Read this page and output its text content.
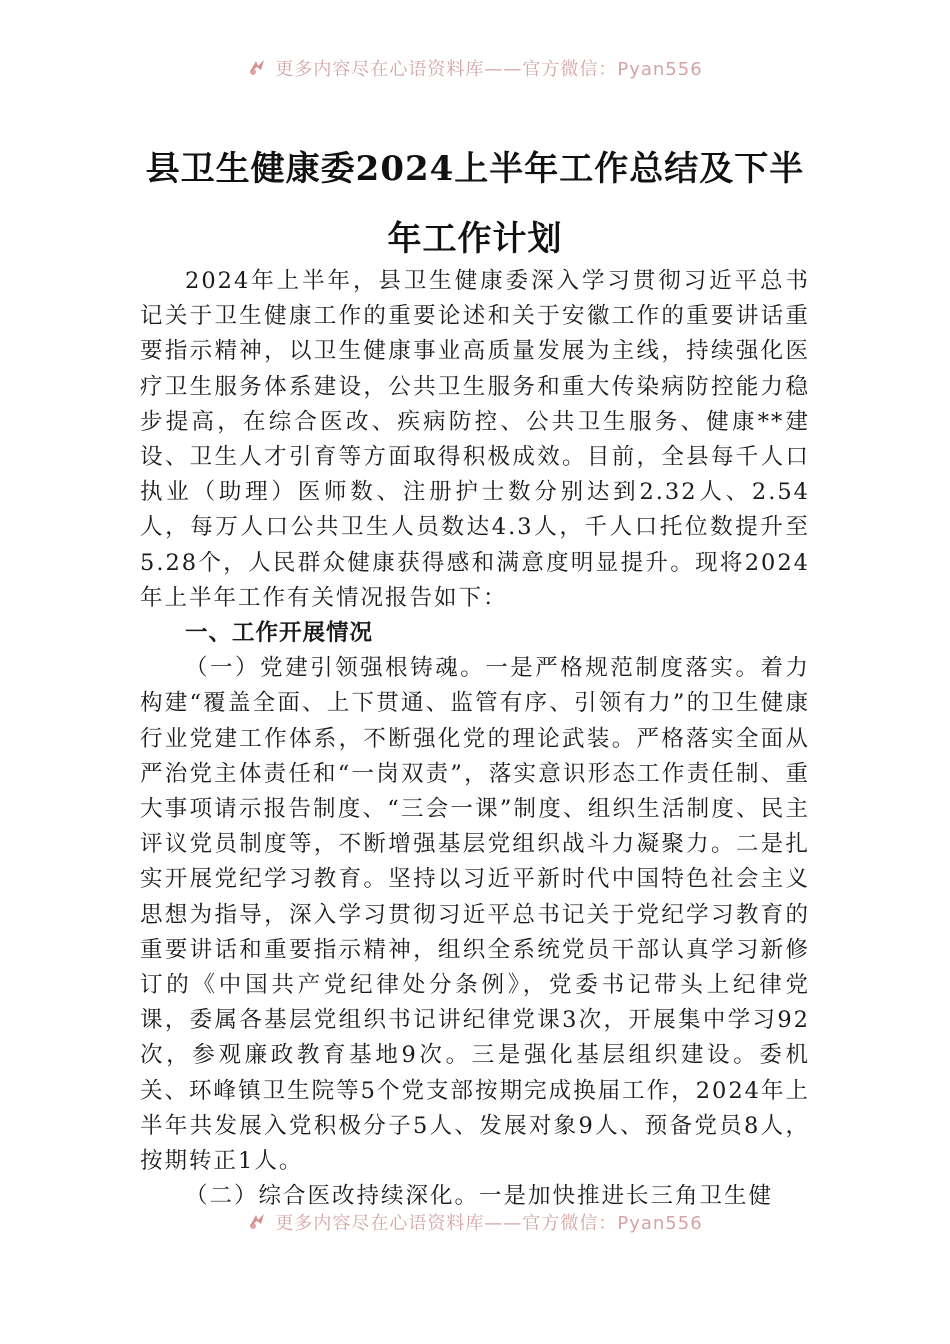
更多内容尽在心语资料库——官方微信：Pyan556
县卫生健康委2024上半年工作总结及下半年工作计划

2024年上半年，县卫生健康委深入学习贯彻习近平总书记关于卫生健康工作的重要论述和关于安徽工作的重要讲话重要指示精神，以卫生健康事业高质量发展为主线，持续强化医疗卫生服务体系建设，公共卫生服务和重大传染病防控能力稳步提高，在综合医改、疾病防控、公共卫生服务、健康**建设、卫生人才引育等方面取得积极成效。目前，全县每千人口执业（助理）医师数、注册护士数分别达到2.32人、2.54人，每万人口公共卫生人员数达4.3人，千人口托位数提升至5.28个，人民群众健康获得感和满意度明显提升。现将2024年上半年工作有关情况报告如下：

一、工作开展情况

（一）党建引领强根铸魂。一是严格规范制度落实。着力构建“覆盖全面、上下贯通、监管有序、引领有力”的卫生健康行业党建工作体系，不断强化党的理论武装。严格落实全面从严治党主体责任和“一岗双责”，落实意识形态工作责任制、重大事项请示报告制度、“三会一课”制度、组织生活制度、民主评议党员制度等，不断增强基层党组织战斗力凝聚力。二是扎实开展党纪学习教育。坚持以习近平新时代中国特色社会主义思想为指导，深入学习贯彻习近平总书记关于党纪学习教育的重要讲话和重要指示精神，组织全系统党员干部认真学习新修订的《中国共产党纪律处分条例》，党委书记带头上纪律党课，委属各基层党组织书记讲纪律党课3次，开展集中学习92次，参观廉政教育基地9次。三是强化基层组织建设。委机关、环峰镇卫生院等5个党支部按期完成换届工作，2024年上半年共发展入党积极分子5人、发展对象9人、预备党员8人，按期转正1人。

（二）综合医改持续深化。一是加快推进长三角卫生健

更多内容尽在心语资料库——官方微信：Pyan556
